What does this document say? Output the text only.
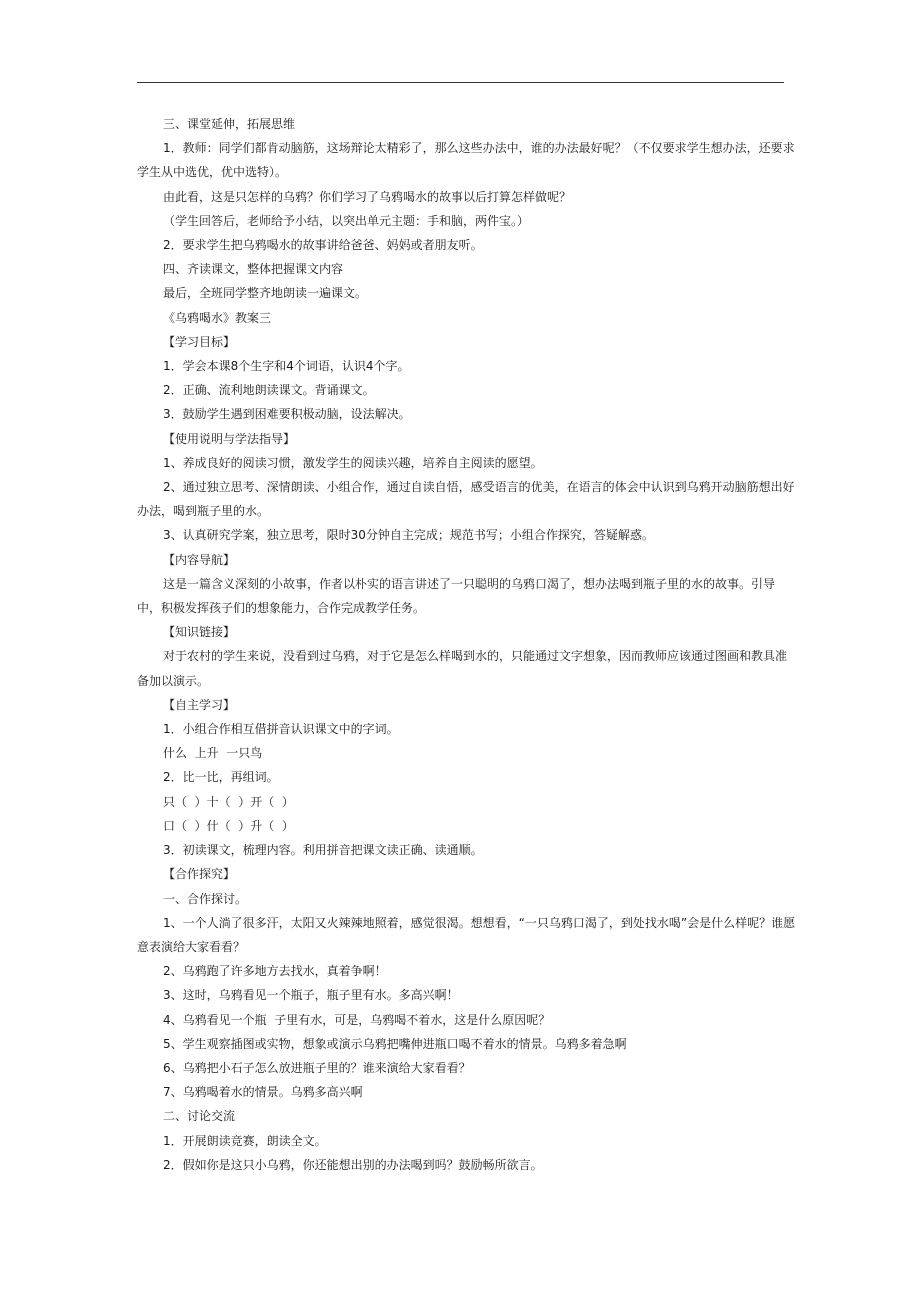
三、课堂延伸，拓展思维
1．教师：同学们都肯动脑筋，这场辩论太精彩了，那么这些办法中，谁的办法最好呢？（不仅要求学生想办法，还要求学生从中选优，优中选特）。
由此看，这是只怎样的乌鸦？你们学习了乌鸦喝水的故事以后打算怎样做呢？
（学生回答后，老师给予小结，以突出单元主题：手和脑，两件宝。）
2．要求学生把乌鸦喝水的故事讲给爸爸、妈妈或者朋友听。
四、齐读课文，整体把握课文内容
最后，全班同学整齐地朗读一遍课文。
《乌鸦喝水》教案三
【学习目标】
1．学会本课8个生字和4个词语，认识4个字。
2．正确、流利地朗读课文。背诵课文。
3．鼓励学生遇到困难要积极动脑，设法解决。
【使用说明与学法指导】
1、养成良好的阅读习惯，激发学生的阅读兴趣，培养自主阅读的愿望。
2、通过独立思考、深情朗读、小组合作，通过自读自悟，感受语言的优美，在语言的体会中认识到乌鸦开动脑筋想出好办法，喝到瓶子里的水。
3、认真研究学案，独立思考，限时30分钟自主完成；规范书写；小组合作探究，答疑解惑。
【内容导航】
这是一篇含义深刻的小故事，作者以朴实的语言讲述了一只聪明的乌鸦口渴了，想办法喝到瓶子里的水的故事。引导中，积极发挥孩子们的想象能力，合作完成教学任务。
【知识链接】
对于农村的学生来说，没看到过乌鸦，对于它是怎么样喝到水的，只能通过文字想象，因而教师应该通过图画和教具准备加以演示。
【自主学习】
1．小组合作相互借拼音认识课文中的字词。
什么  上升  一只鸟
2．比一比，再组词。
只（  ）十（  ）开（  ）
口（  ）什（  ）升（  ）
3．初读课文，梳理内容。利用拼音把课文读正确、读通顺。
【合作探究】
一、合作探讨。
1、一个人淌了很多汗，太阳又火辣辣地照着，感觉很渴。想想看，“一只乌鸦口渴了，到处找水喝”会是什么样呢？谁愿意表演给大家看看？
2、乌鸦跑了许多地方去找水，真着争啊！
3、这时，乌鸦看见一个瓶子，瓶子里有水。多高兴啊！
4、乌鸦看见一个瓶  子里有水，可是，乌鸦喝不着水，这是什么原因呢？
5、学生观察插图或实物，想象或演示乌鸦把嘴伸进瓶口喝不着水的情景。乌鸦多着急啊
6、乌鸦把小石子怎么放进瓶子里的？谁来演给大家看看？
7、乌鸦喝着水的情景。乌鸦多高兴啊
二、讨论交流
1．开展朗读竞赛，朗读全文。
2．假如你是这只小乌鸦，你还能想出别的办法喝到吗？鼓励畅所欲言。
